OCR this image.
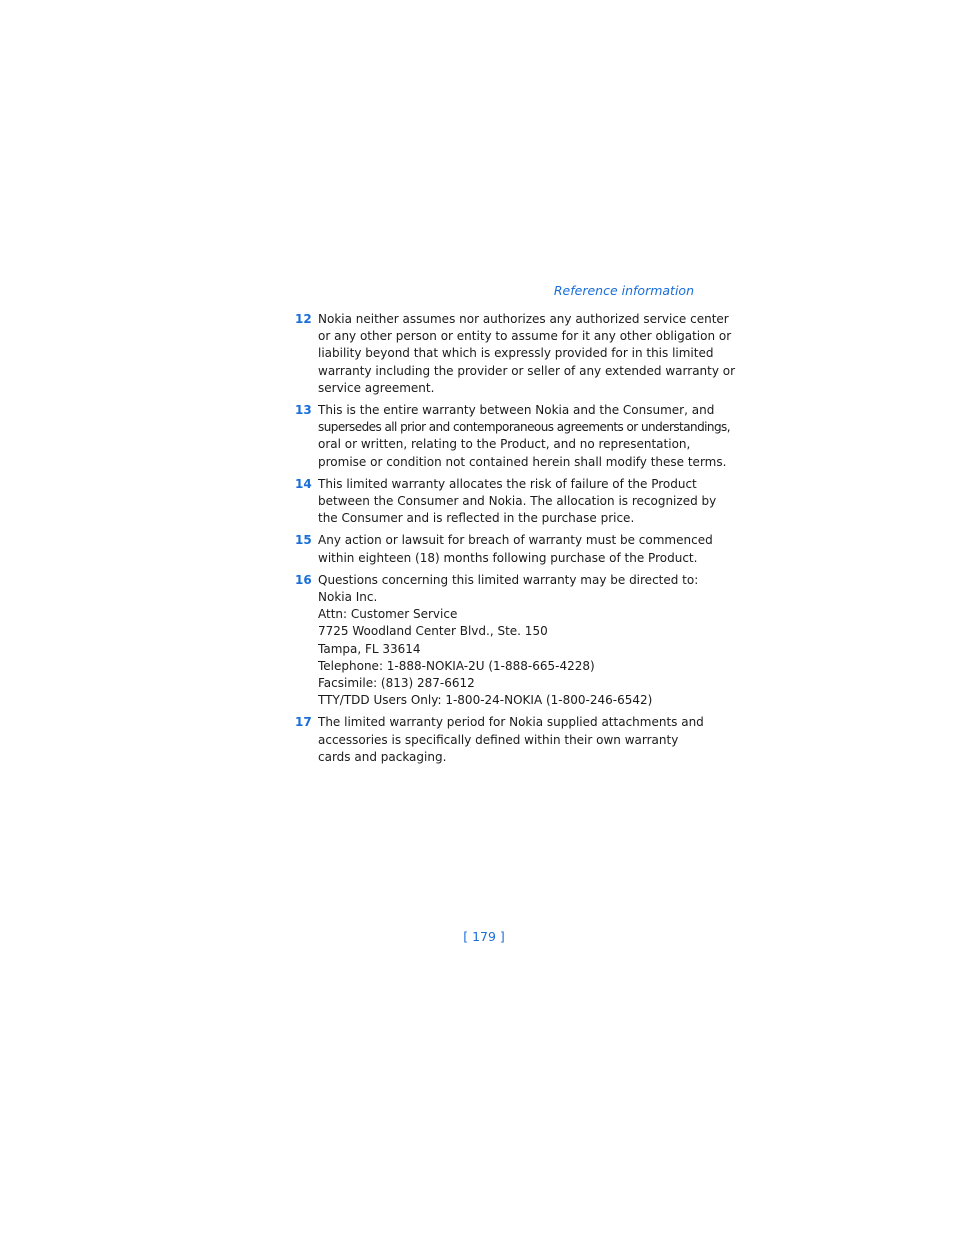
Reference information
12 Nokia neither assumes nor authorizes any authorized service center
or any other person or entity to assume for it any other obligation or
liability beyond that which is expressly provided for in this limited
warranty including the provider or seller of any extended warranty or
service agreement.
13 This is the entire warranty between Nokia and the Consumer, and
supersedes all prior and contemporaneous agreements or understandings,
oral or written, relating to the Product, and no representation,
promise or condition not contained herein shall modify these terms.
14 This limited warranty allocates the risk of failure of the Product
between the Consumer and Nokia. The allocation is recognized by
the Consumer and is reflected in the purchase price.
15 Any action or lawsuit for breach of warranty must be commenced
within eighteen (18) months following purchase of the Product.
16 Questions concerning this limited warranty may be directed to:
Nokia Inc.
Attn: Customer Service
7725 Woodland Center Blvd., Ste. 150
Tampa, FL 33614
Telephone: 1-888-NOKIA-2U (1-888-665-4228)
Facsimile: (813) 287-6612
TTY/TDD Users Only: 1-800-24-NOKIA (1-800-246-6542)
17 The limited warranty period for Nokia supplied attachments and
accessories is specifically defined within their own warranty
cards and packaging.
[ 179 ]
